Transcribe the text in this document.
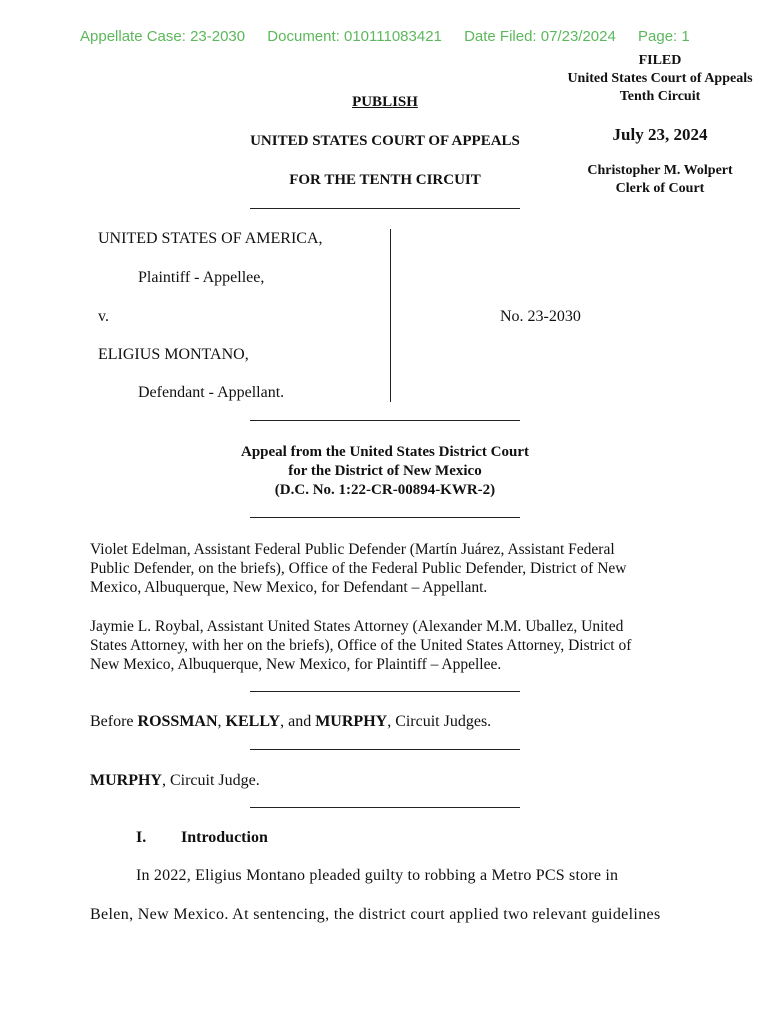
Appellate Case: 23-2030 Document: 010111083421 Date Filed: 07/23/2024 Page: 1
FILED
United States Court of Appeals
Tenth Circuit
July 23, 2024
Christopher M. Wolpert
Clerk of Court
PUBLISH
UNITED STATES COURT OF APPEALS
FOR THE TENTH CIRCUIT
UNITED STATES OF AMERICA,
Plaintiff - Appellee,
v.
ELIGIUS MONTANO,
Defendant - Appellant.
No. 23-2030
Appeal from the United States District Court
for the District of New Mexico
(D.C. No. 1:22-CR-00894-KWR-2)
Violet Edelman, Assistant Federal Public Defender (Martín Juárez, Assistant Federal
Public Defender, on the briefs), Office of the Federal Public Defender, District of New
Mexico, Albuquerque, New Mexico, for Defendant – Appellant.
Jaymie L. Roybal, Assistant United States Attorney (Alexander M.M. Uballez, United
States Attorney, with her on the briefs), Office of the United States Attorney, District of
New Mexico, Albuquerque, New Mexico, for Plaintiff – Appellee.
Before ROSSMAN, KELLY, and MURPHY, Circuit Judges.
MURPHY, Circuit Judge.
I. Introduction
In 2022, Eligius Montano pleaded guilty to robbing a Metro PCS store in
Belen, New Mexico. At sentencing, the district court applied two relevant guidelines
